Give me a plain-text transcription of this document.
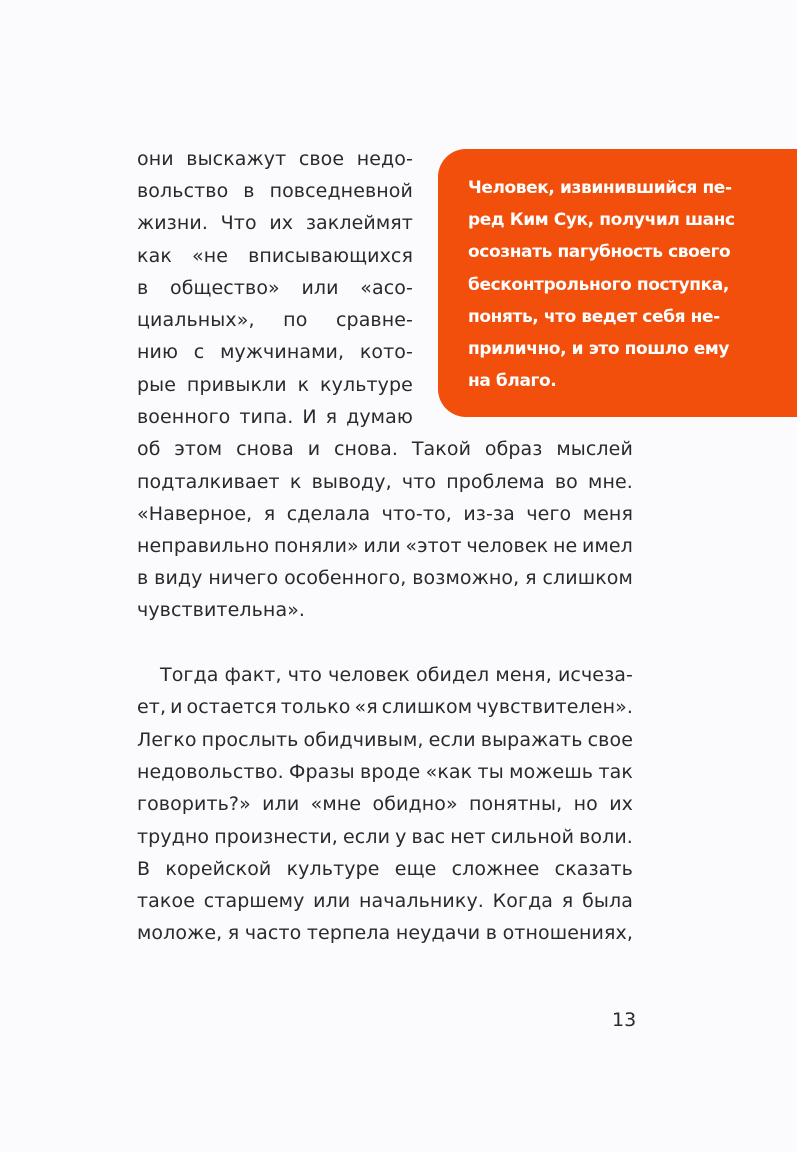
они выскажут свое недо-
вольство в повседневной
жизни. Что их заклеймят
как «не вписывающихся
в общество» или «асо-
циальных», по сравне-
нию с мужчинами, кото-
рые привыкли к культуре
военного типа. И я думаю
об этом снова и снова. Такой образ мыслей
подталкивает к выводу, что проблема во мне.
«Наверное, я сделала что-то, из-за чего меня
неправильно поняли» или «этот человек не имел
в виду ничего особенного, возможно, я слишком
чувствительна».
Тогда факт, что человек обидел меня, исчеза-
ет, и остается только «я слишком чувствителен».
Легко прослыть обидчивым, если выражать свое
недовольство. Фразы вроде «как ты можешь так
говорить?» или «мне обидно» понятны, но их
трудно произнести, если у вас нет сильной воли.
В корейской культуре еще сложнее сказать
такое старшему или начальнику. Когда я была
моложе, я часто терпела неудачи в отношениях,
Человек, извинившийся пе-
ред Ким Сук, получил шанс
осознать пагубность своего
бесконтрольного поступка,
понять, что ведет себя не-
прилично, и это пошло ему
на благо.
13
